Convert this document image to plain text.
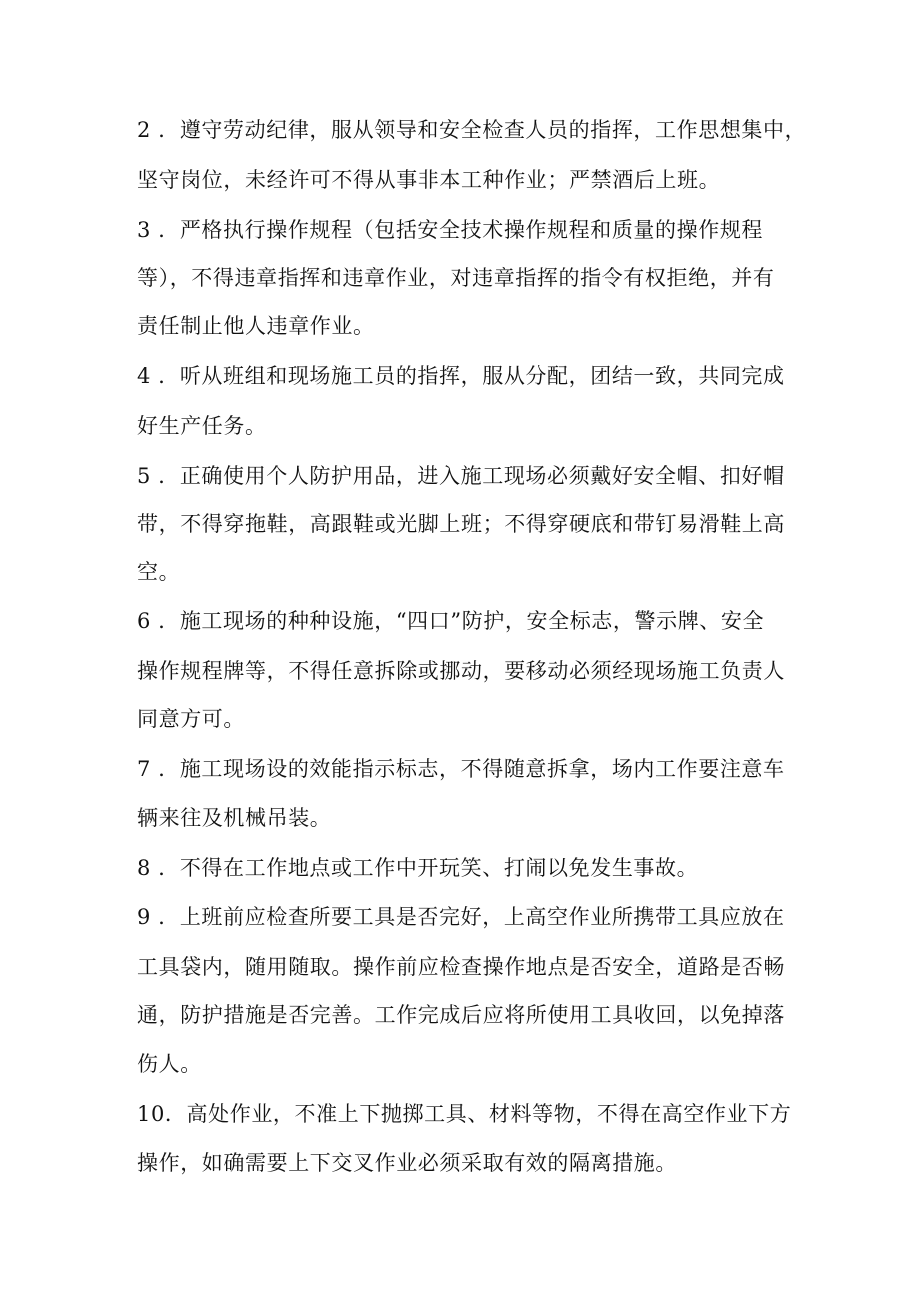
2 ．遵守劳动纪律，服从领导和安全检查人员的指挥，工作思想集中，

坚守岗位，未经许可不得从事非本工种作业；严禁酒后上班。

3 ．严格执行操作规程（包括安全技术操作规程和质量的操作规程

等），不得违章指挥和违章作业，对违章指挥的指令有权拒绝，并有

责任制止他人违章作业。

4 ．听从班组和现场施工员的指挥，服从分配，团结一致，共同完成

好生产任务。

5 ．正确使用个人防护用品，进入施工现场必须戴好安全帽、扣好帽

带，不得穿拖鞋，高跟鞋或光脚上班；不得穿硬底和带钉易滑鞋上高

空。

6 ．施工现场的种种设施，“四口”防护，安全标志，警示牌、安全

操作规程牌等，不得任意拆除或挪动，要移动必须经现场施工负责人

同意方可。

7 ．施工现场设的效能指示标志，不得随意拆拿，场内工作要注意车

辆来往及机械吊装。

8 ．不得在工作地点或工作中开玩笑、打闹以免发生事故。

9 ．上班前应检查所要工具是否完好，上高空作业所携带工具应放在

工具袋内，随用随取。操作前应检查操作地点是否安全，道路是否畅

通，防护措施是否完善。工作完成后应将所使用工具收回，以免掉落

伤人。

10．高处作业，不准上下抛掷工具、材料等物，不得在高空作业下方

操作，如确需要上下交叉作业必须采取有效的隔离措施。
